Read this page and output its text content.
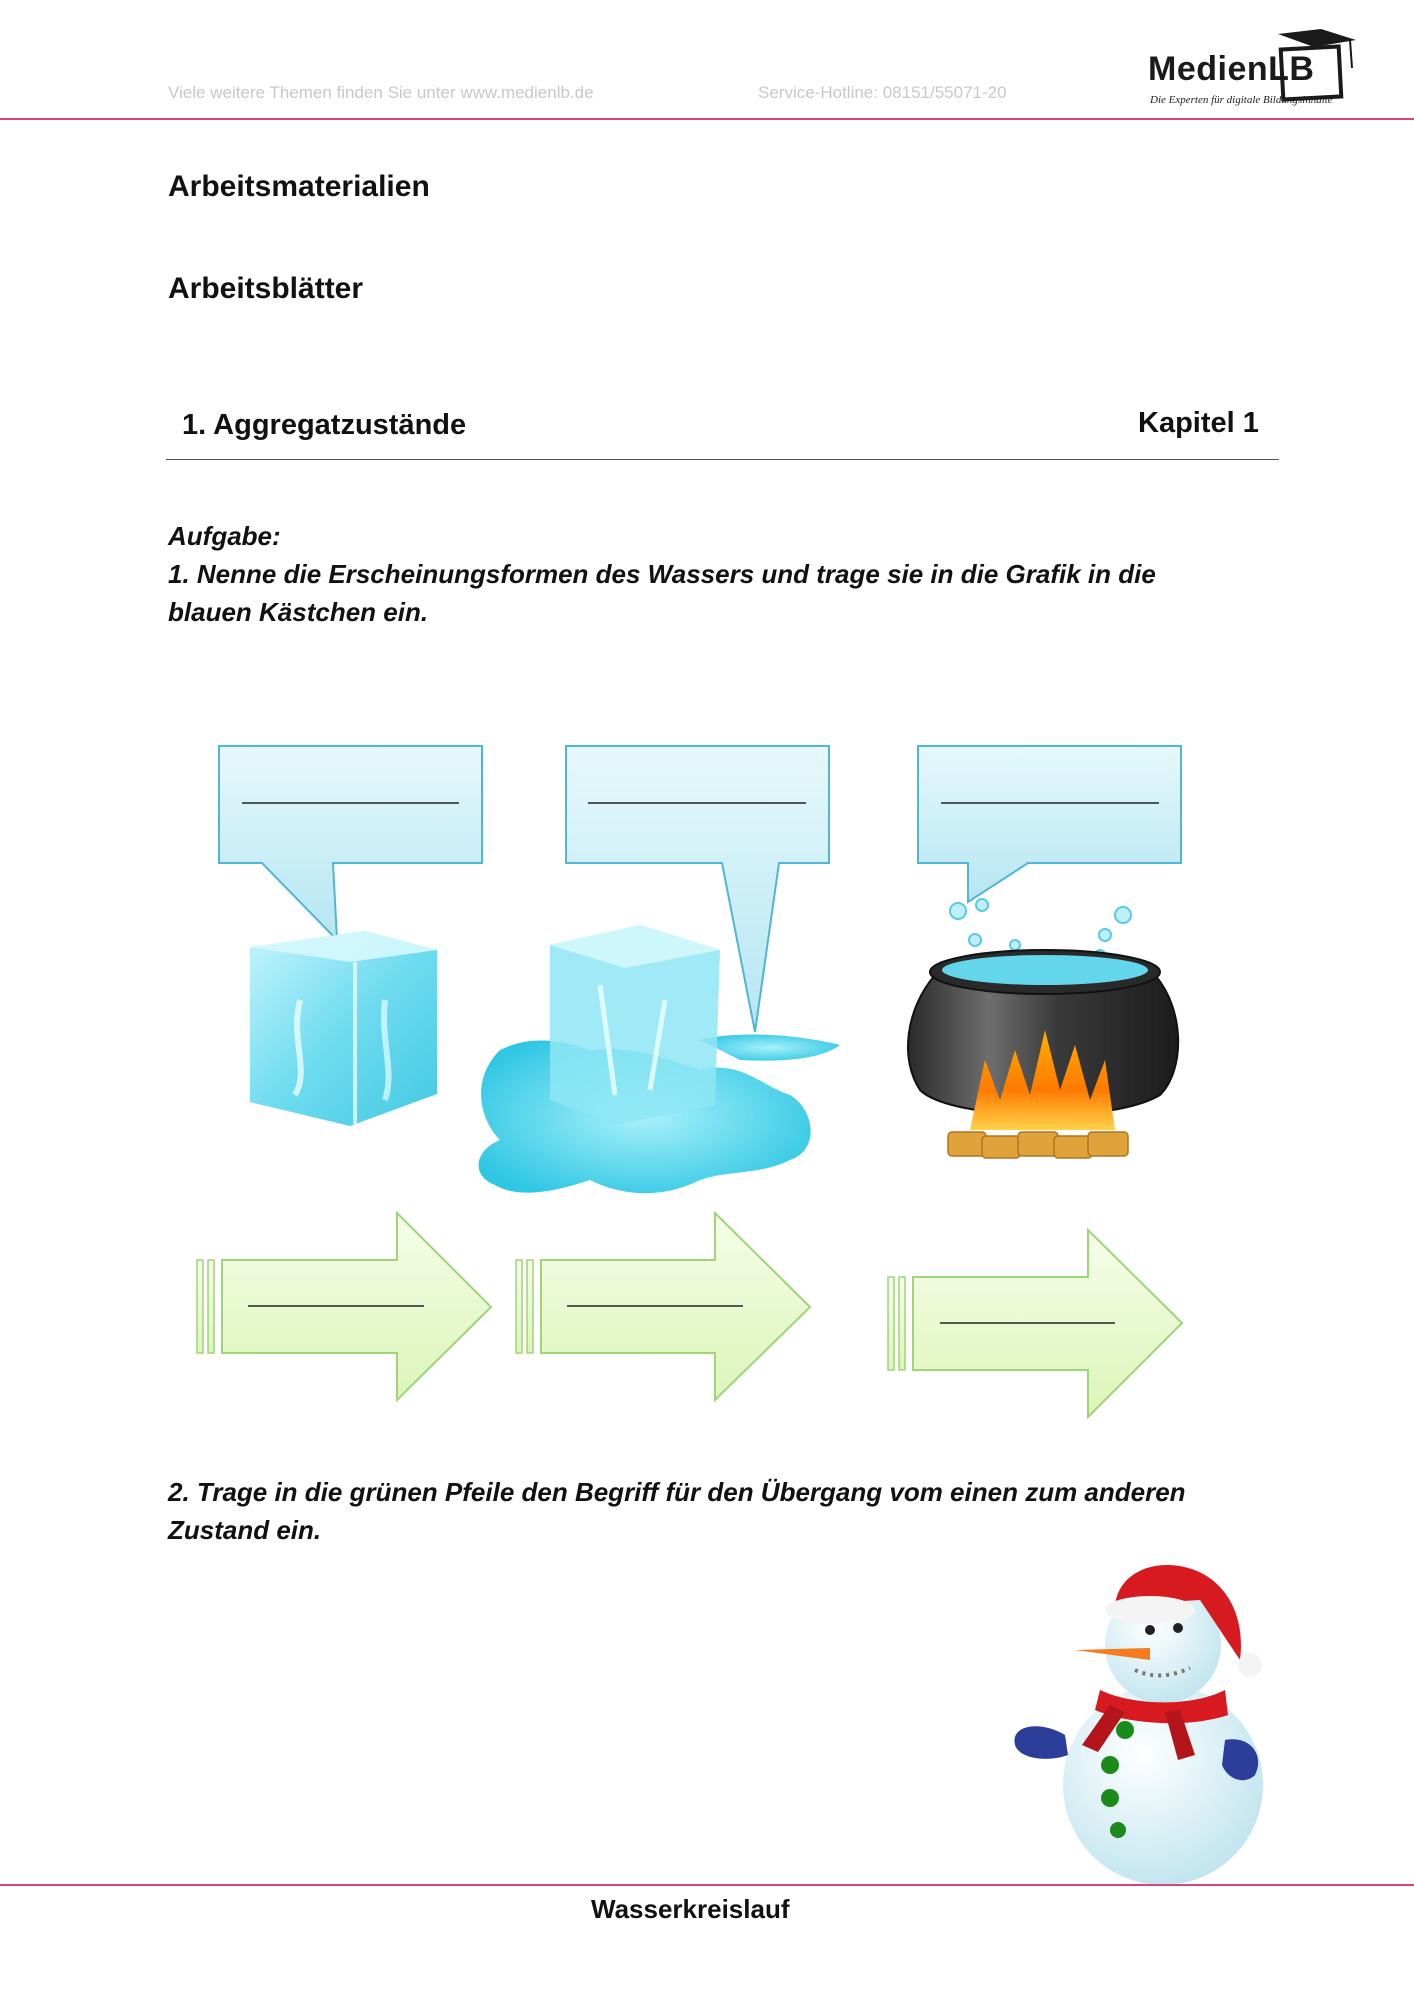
Viele weitere Themen finden Sie unter www.medienlb.de	Service-Hotline: 08151/55071-20
MedienLB
Die Experten für digitale Bildungsinhalte
Arbeitsmaterialien
Arbeitsblätter
1. Aggregatzustände	Kapitel 1
Aufgabe:
1. Nenne die Erscheinungsformen des Wassers und trage sie in die Grafik in die blauen Kästchen ein.
2. Trage in die grünen Pfeile den Begriff für den Übergang vom einen zum anderen Zustand ein.
Wasserkreislauf
